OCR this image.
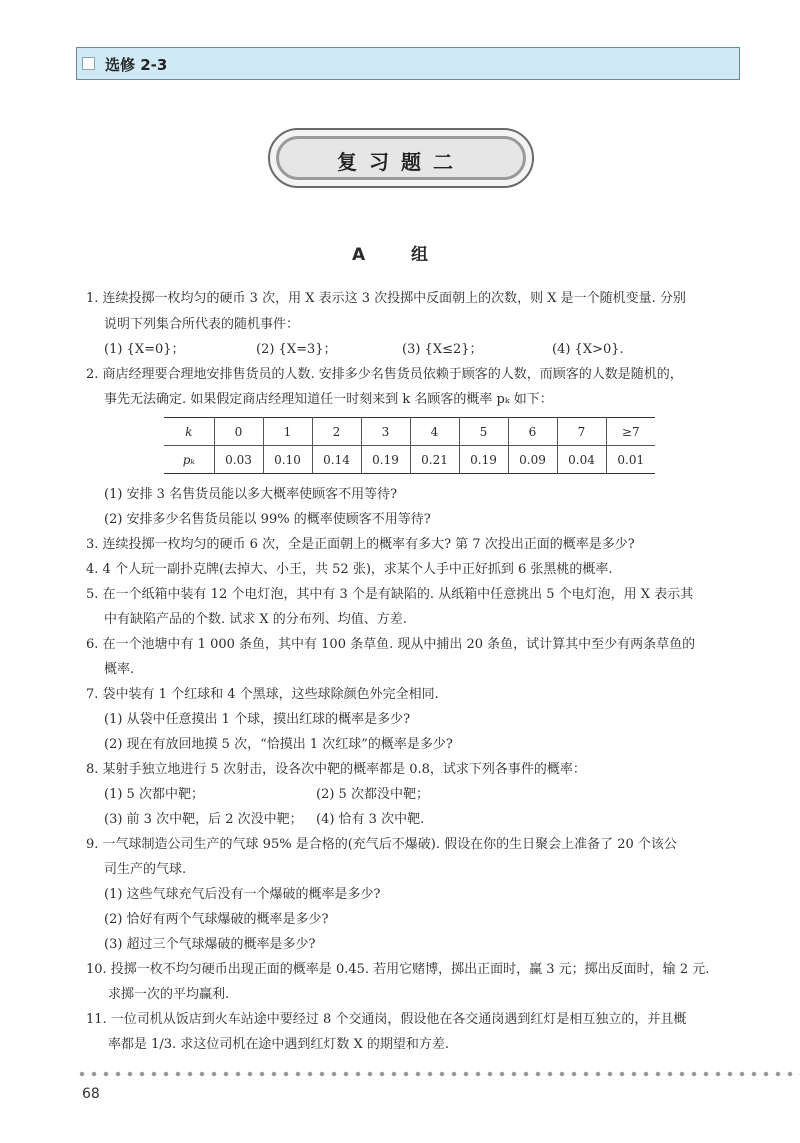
选修 2-3
复习题二
A 组
1. 连续投掷一枚均匀的硬币 3 次，用 X 表示这 3 次投掷中反面朝上的次数，则 X 是一个随机变量. 分别
说明下列集合所代表的随机事件：
(1) {X=0}；	(2) {X=3}；	(3) {X≤2}；	(4) {X>0}.
2. 商店经理要合理地安排售货员的人数. 安排多少名售货员依赖于顾客的人数，而顾客的人数是随机的，
事先无法确定. 如果假定商店经理知道任一时刻来到 k 名顾客的概率 pₖ 如下：
k	0	1	2	3	4	5	6	7	≥7
pₖ	0.03	0.10	0.14	0.19	0.21	0.19	0.09	0.04	0.01
(1) 安排 3 名售货员能以多大概率使顾客不用等待?
(2) 安排多少名售货员能以 99% 的概率使顾客不用等待?
3. 连续投掷一枚均匀的硬币 6 次，全是正面朝上的概率有多大? 第 7 次投出正面的概率是多少?
4. 4 个人玩一副扑克牌(去掉大、小王，共 52 张)，求某个人手中正好抓到 6 张黑桃的概率.
5. 在一个纸箱中装有 12 个电灯泡，其中有 3 个是有缺陷的. 从纸箱中任意挑出 5 个电灯泡，用 X 表示其
中有缺陷产品的个数. 试求 X 的分布列、均值、方差.
6. 在一个池塘中有 1 000 条鱼，其中有 100 条草鱼. 现从中捕出 20 条鱼，试计算其中至少有两条草鱼的
概率.
7. 袋中装有 1 个红球和 4 个黑球，这些球除颜色外完全相同.
(1) 从袋中任意摸出 1 个球，摸出红球的概率是多少?
(2) 现在有放回地摸 5 次，“恰摸出 1 次红球”的概率是多少?
8. 某射手独立地进行 5 次射击，设各次中靶的概率都是 0.8，试求下列各事件的概率：
(1) 5 次都中靶；	(2) 5 次都没中靶；
(3) 前 3 次中靶，后 2 次没中靶； (4) 恰有 3 次中靶.
9. 一气球制造公司生产的气球 95% 是合格的(充气后不爆破). 假设在你的生日聚会上准备了 20 个该公
司生产的气球.
(1) 这些气球充气后没有一个爆破的概率是多少?
(2) 恰好有两个气球爆破的概率是多少?
(3) 超过三个气球爆破的概率是多少?
10. 投掷一枚不均匀硬币出现正面的概率是 0.45. 若用它赌博，掷出正面时，赢 3 元；掷出反面时，输 2 元.
求掷一次的平均赢利.
11. 一位司机从饭店到火车站途中要经过 8 个交通岗，假设他在各交通岗遇到红灯是相互独立的，并且概
率都是 1/3. 求这位司机在途中遇到红灯数 X 的期望和方差.
68
